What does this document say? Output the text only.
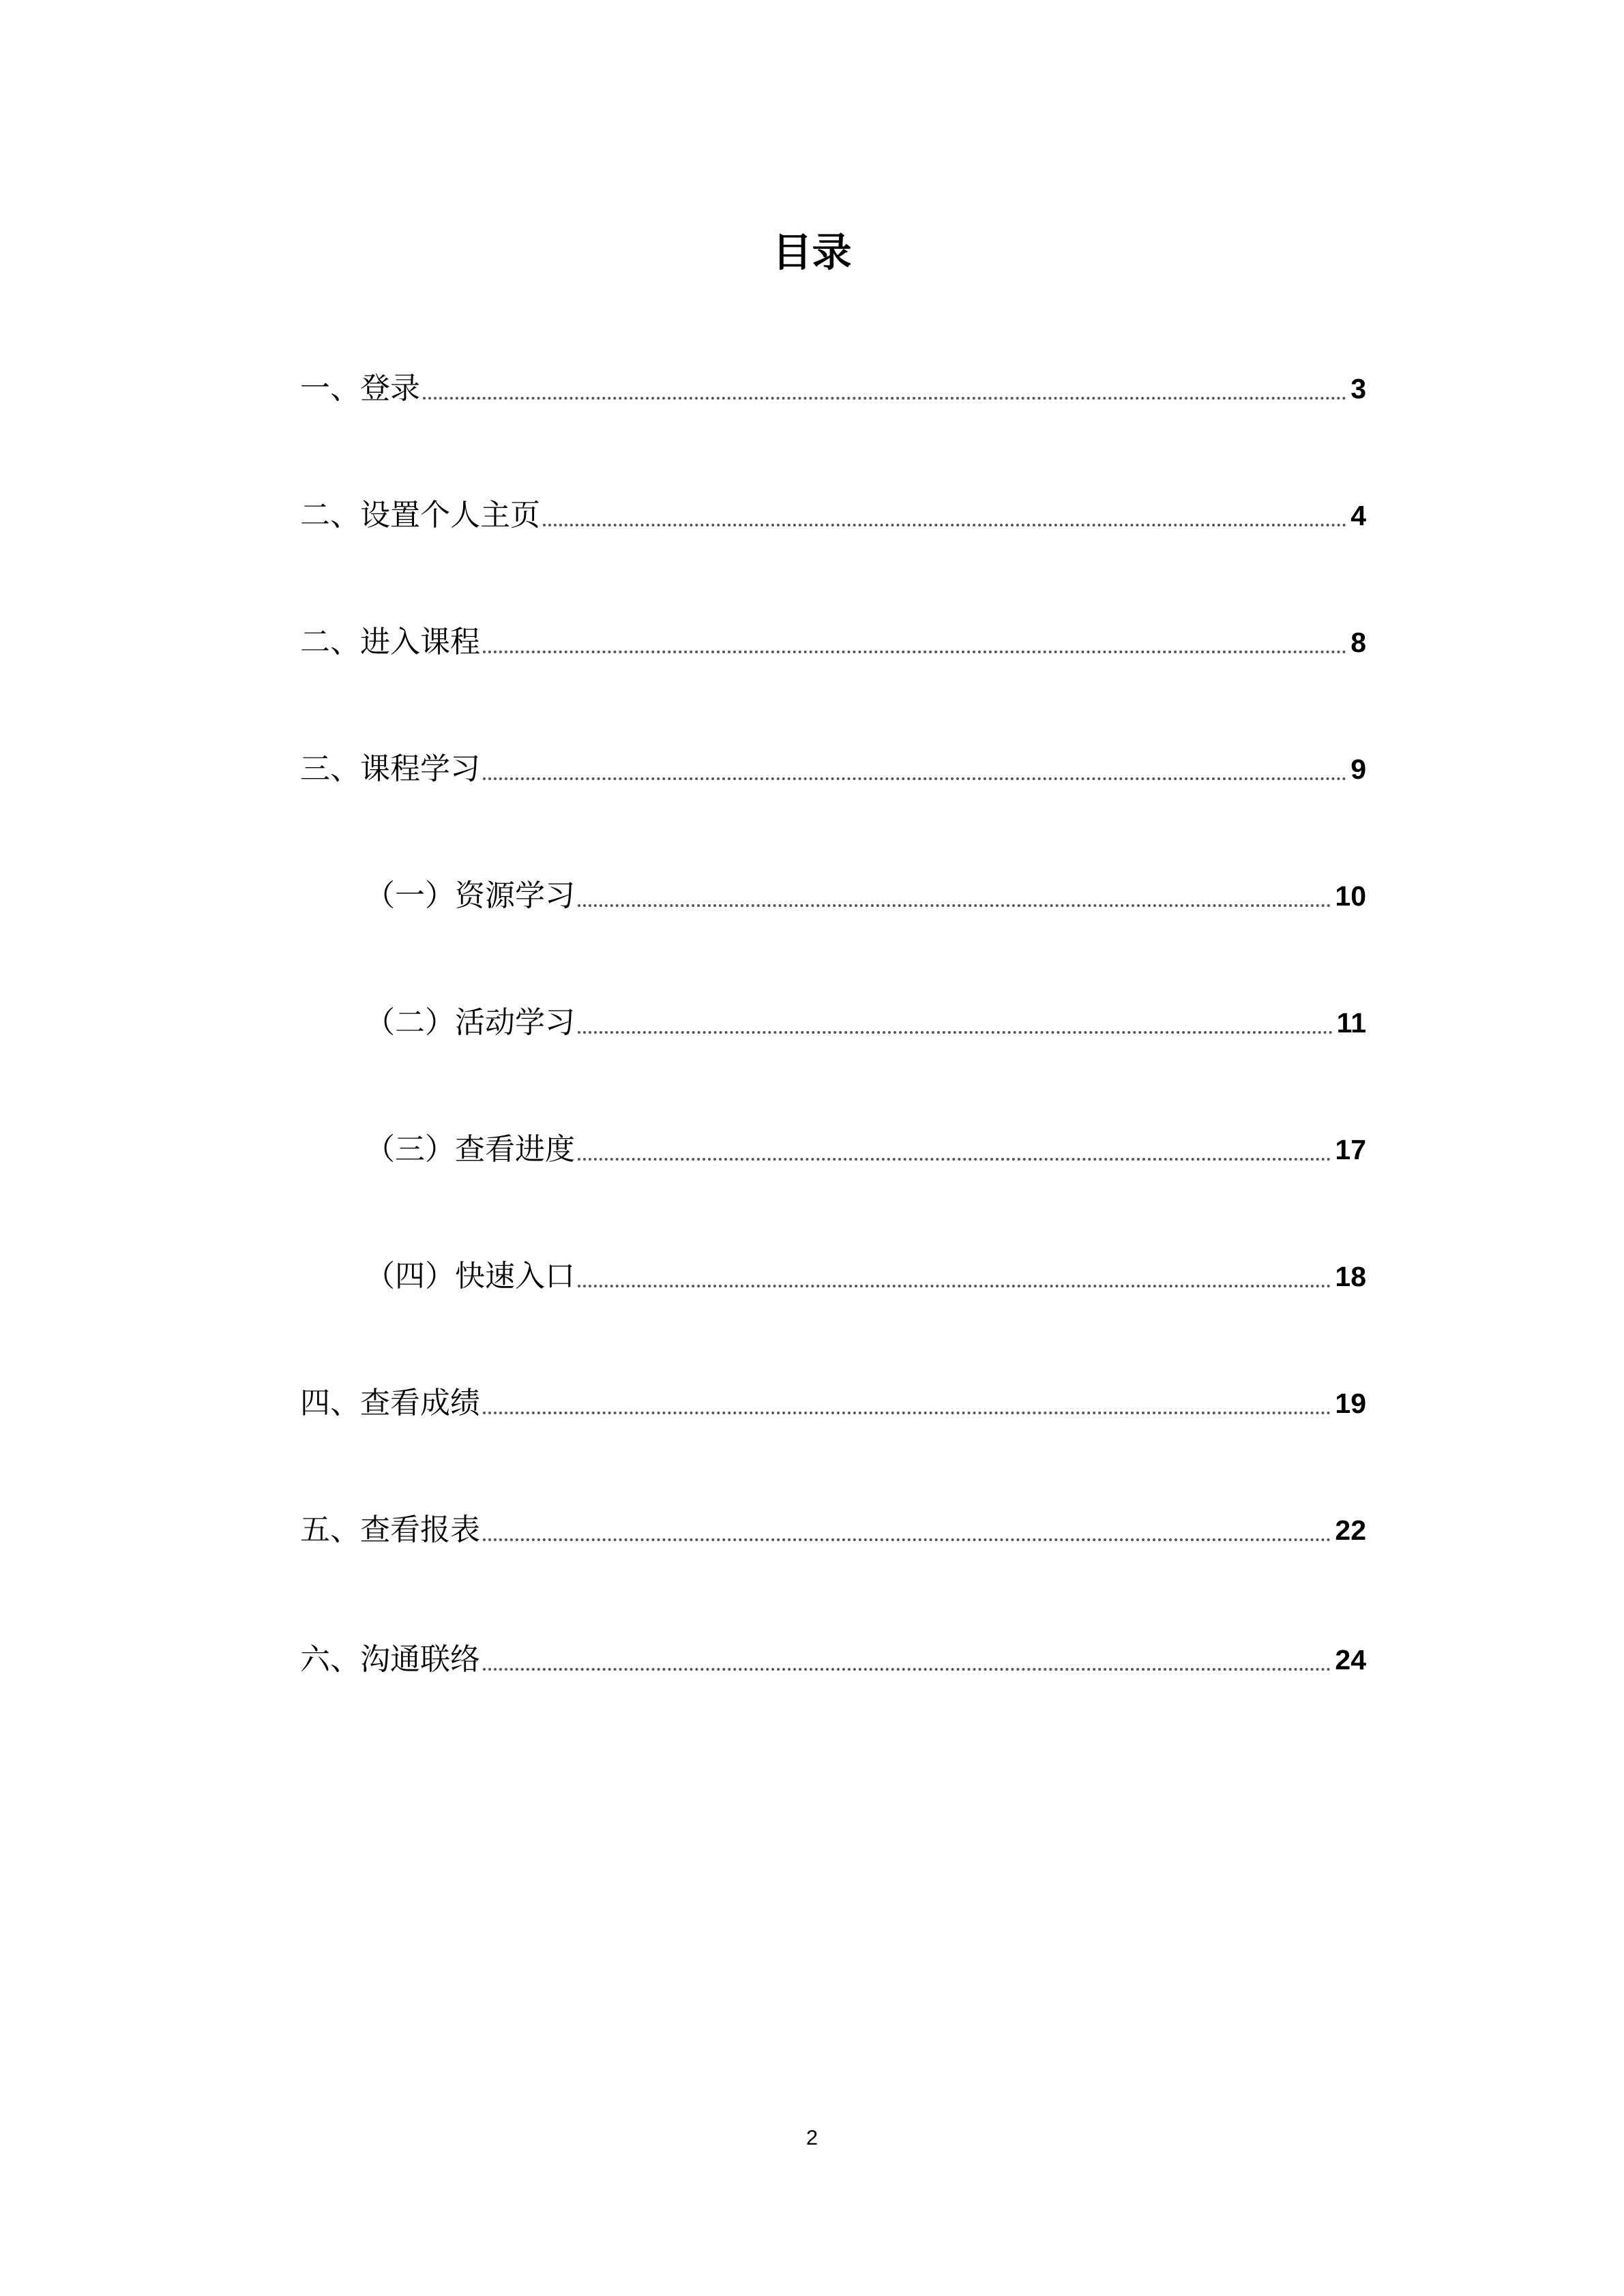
目录
一、登录	3
二、设置个人主页	4
二、进入课程	8
三、课程学习	9
（一）资源学习	10
（二）活动学习	11
（三）查看进度	17
（四）快速入口	18
四、查看成绩	19
五、查看报表	22
六、沟通联络	24
2
